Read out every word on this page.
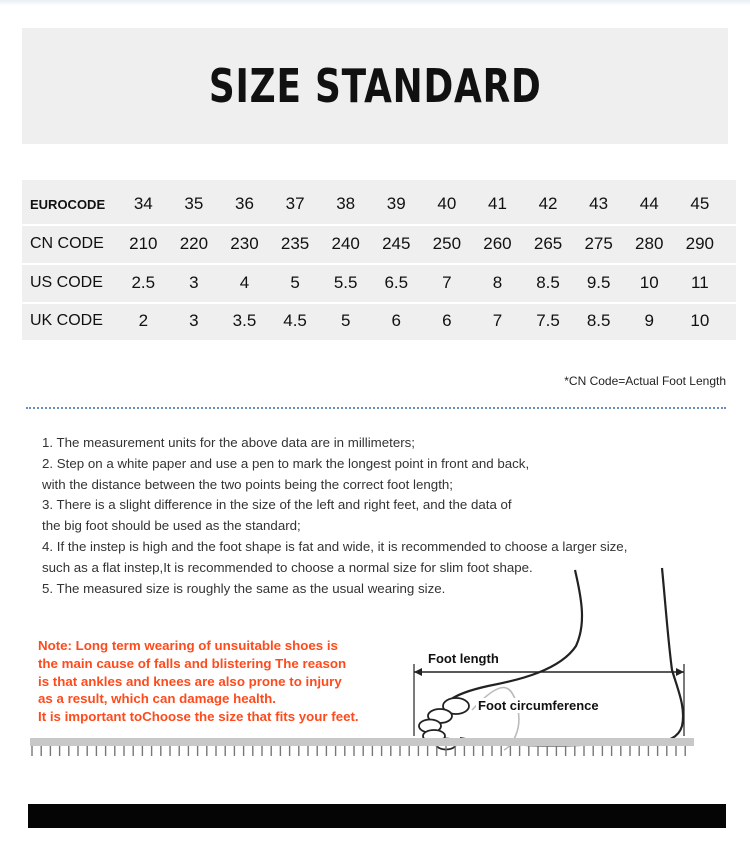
SIZE STANDARD
EUROCODE	34	35	36	37	38	39	40	41	42	43	44	45
CN CODE	210	220	230	235	240	245	250	260	265	275	280	290
US CODE	2.5	3	4	5	5.5	6.5	7	8	8.5	9.5	10	11
UK CODE	2	3	3.5	4.5	5	6	6	7	7.5	8.5	9	10
*CN Code=Actual Foot Length

1. The measurement units for the above data are in millimeters;

2. Step on a white paper and use a pen to mark the longest point in front and back,

with the distance between the two points being the correct foot length;

3. There is a slight difference in the size of the left and right feet, and the data of

the big foot should be used as the standard;

4. If the instep is high and the foot shape is fat and wide, it is recommended to choose a larger size,

such as a flat instep,It is recommended to choose a normal size for slim foot shape.

5. The measured size is roughly the same as the usual wearing size.

Note: Long term wearing of unsuitable shoes is

the main cause of falls and blistering The reason

is that ankles and knees are also prone to injury

as a result, which can damage health.

It is important toChoose the size that fits your feet.

Foot length
Foot circumference
